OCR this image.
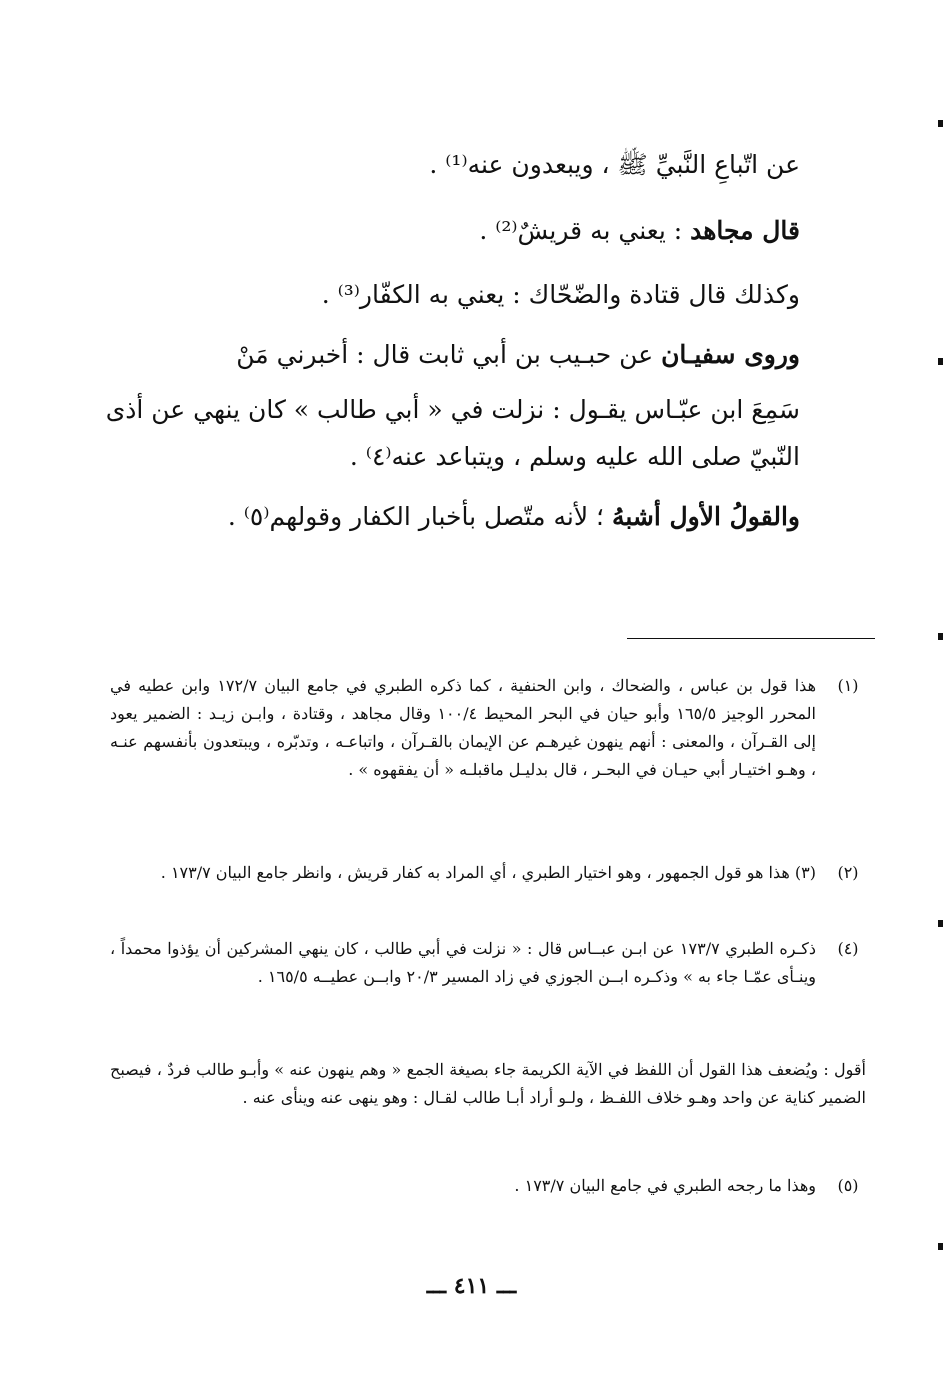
عن اتّباعِ النَّبيِّ ﷺ ، ويبعدون عنه⁽¹⁾ .
قال مجاهد : يعني به قريشٌ⁽²⁾ .
وكذلك قال قتادة والضّحّاك : يعني به الكفّار⁽³⁾ .
وروى سفيـان عن حبـيب بن أبي ثابت قال : أخبرني مَنْ
سَمِعَ ابن عبّـاس يقـول : نزلت في « أبي طالب » كان ينهي عن أذى
النّبيّ صلى الله عليه وسلم ، ويتباعد عنه⁽٤⁾ .
والقولُ الأول أشبهُ ؛ لأنه متّصل بأخبار الكفار وقولهم⁽٥⁾ .
(١)
هذا قول بن عباس ، والضحاك ، وابن الحنفية ، كما ذكره الطبري في جامع البيان ١٧٢/٧ وابن عطيه في المحرر الوجيز ١٦٥/٥ وأبو حيان في البحر المحيط ١٠٠/٤ وقال مجاهد ، وقتادة ، وابـن زيـد : الضمير يعود إلى القـرآن ، والمعنى : أنهم ينهون غيرهـم عن الإيمان بالقـرآن ، واتباعـه ، وتدبّره ، ويبتعدون بأنفسهم عنـه ، وهـو اختيـار أبي حيـان في البحـر ، قال بدليـل ماقبلـه « أن يفقهوه » .
(٢)
(٣) هذا هو قول الجمهور ، وهو اختيار الطبري ، أي المراد به كفار قريش ، وانظر جامع البيان ١٧٣/٧ .
(٤)
ذكـره الطبري ١٧٣/٧ عن ابـن عبــاس قال : « نزلت في أبي طالب ، كان ينهي المشركين أن يؤذوا محمداً ، وينـأى عمّـا جاء به » وذكـره ابــن الجوزي في زاد المسير ٢٠/٣ وابــن عطيــه ١٦٥/٥ .
أقول : ويُضعف هذا القول أن اللفظ في الآية الكريمة جاء بصيغة الجمع « وهم ينهون عنه » وأبـو طالب فردٌ ، فيصبح الضمير كناية عن واحد وهـو خلاف اللفـظ ، ولـو أراد أبـا طالب لقـال : وهو ينهى عنه وينأى عنه .
(٥)
وهذا ما رجحه الطبري في جامع البيان ١٧٣/٧ .
ـــ ٤١١ ـــ
